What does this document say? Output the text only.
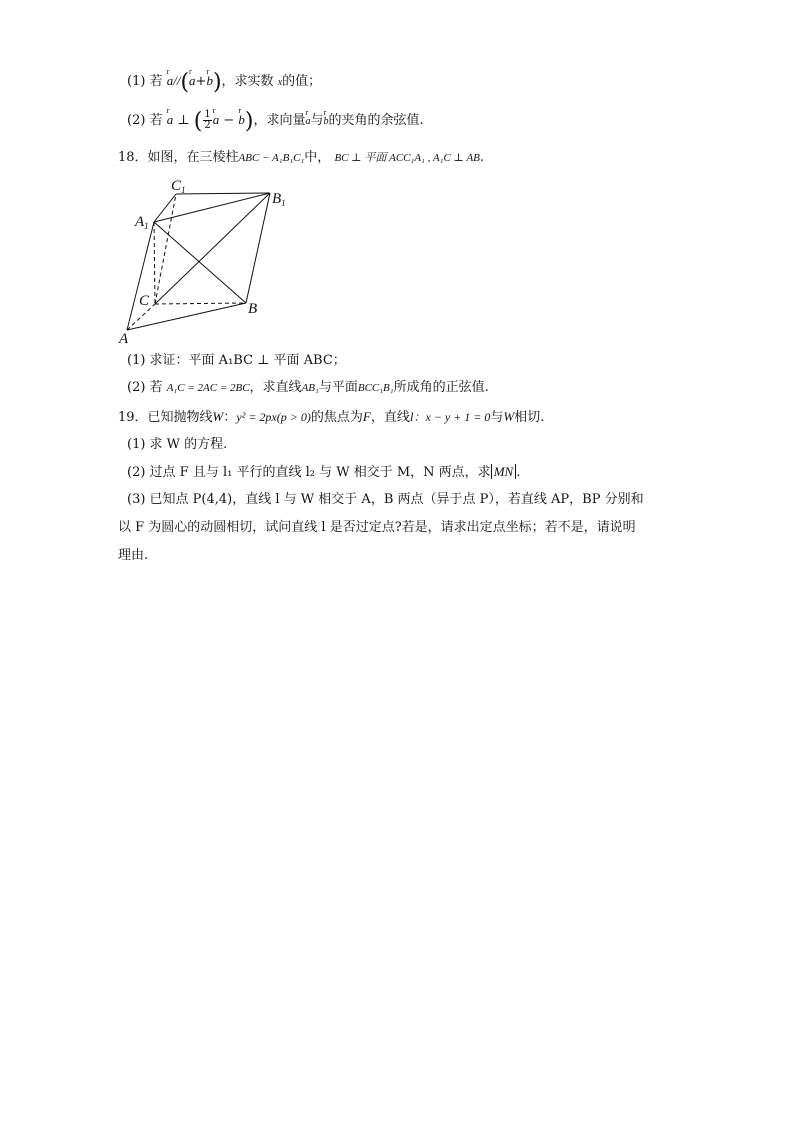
(1) 若 r a//(r a+r b)，求实数 x的值；
(2) 若 r a ⊥ ( $\frac{1}{2}$ r a − r b)，求向量r a与r b的夹角的余弦值.
18．如图，在三棱柱ABC − A₁B₁C₁中， BC ⊥ 平面 ACC₁A₁ , A₁C ⊥ AB.
$C_1$
$B_1$
$A_1$
C	B
A
(1) 求证：平面 A₁BC ⊥ 平面 ABC；
(2) 若 A₁C = 2AC = 2BC，求直线AB₁与平面BCC₁B₁所成角的正弦值.
19．已知抛物线W：y² = 2px(p > 0)的焦点为F，直线l：x − y + 1 = 0与W相切.
(1) 求 W 的方程.
(2) 过点 F 且与 l₁ 平行的直线 l₂ 与 W 相交于 M，N 两点，求 MN .
(3) 已知点 P(4,4)，直线 l 与 W 相交于 A，B 两点（异于点 P），若直线 AP，BP 分别和
以 F 为圆心的动圆相切，试问直线 l 是否过定点?若是，请求出定点坐标；若不是，请说明
理由.
